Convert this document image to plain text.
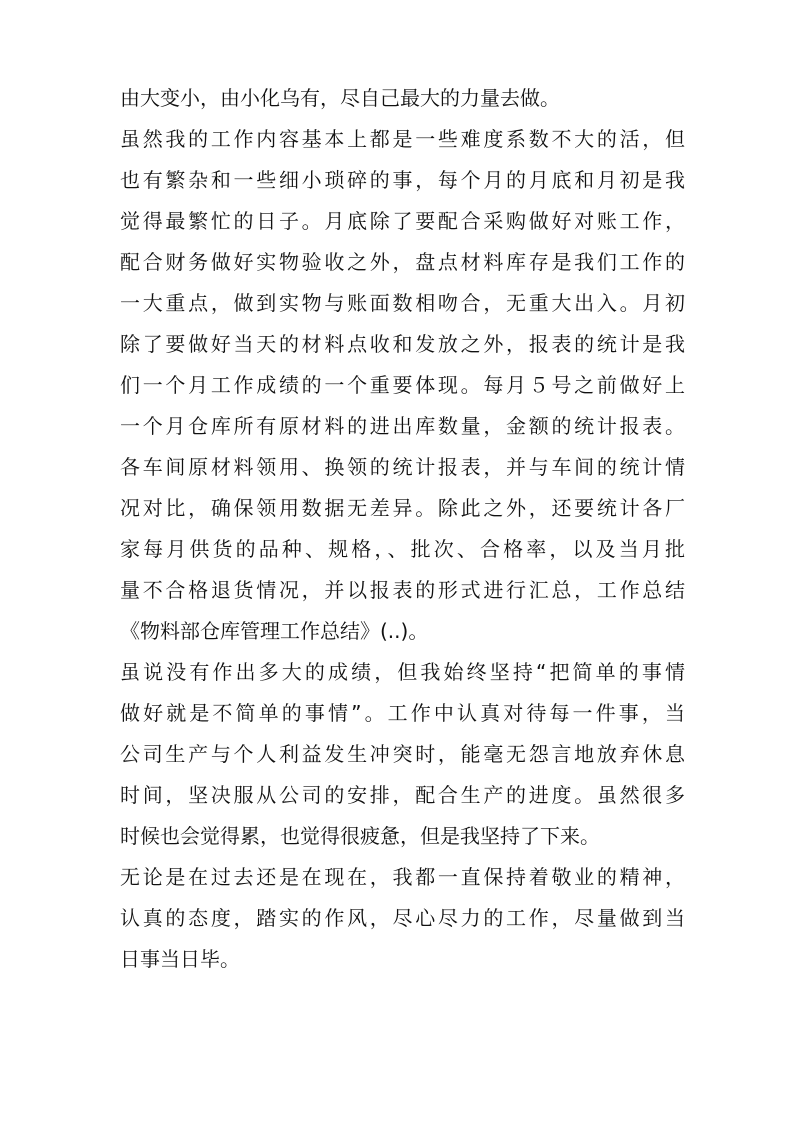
由大变小，由小化乌有，尽自己最大的力量去做。
虽然我的工作内容基本上都是一些难度系数不大的活，但
也有繁杂和一些细小琐碎的事，每个月的月底和月初是我
觉得最繁忙的日子。月底除了要配合采购做好对账工作，
配合财务做好实物验收之外，盘点材料库存是我们工作的
一大重点，做到实物与账面数相吻合，无重大出入。月初
除了要做好当天的材料点收和发放之外，报表的统计是我
们一个月工作成绩的一个重要体现。每月５号之前做好上
一个月仓库所有原材料的进出库数量，金额的统计报表。
各车间原材料领用、换领的统计报表，并与车间的统计情
况对比，确保领用数据无差异。除此之外，还要统计各厂
家每月供货的品种、规格，、批次、合格率，以及当月批
量不合格退货情况，并以报表的形式进行汇总，工作总结
《物料部仓库管理工作总结》(..)。
虽说没有作出多大的成绩，但我始终坚持“把简单的事情
做好就是不简单的事情”。工作中认真对待每一件事，当
公司生产与个人利益发生冲突时，能毫无怨言地放弃休息
时间，坚决服从公司的安排，配合生产的进度。虽然很多
时候也会觉得累，也觉得很疲惫，但是我坚持了下来。
无论是在过去还是在现在，我都一直保持着敬业的精神，
认真的态度，踏实的作风，尽心尽力的工作，尽量做到当
日事当日毕。
